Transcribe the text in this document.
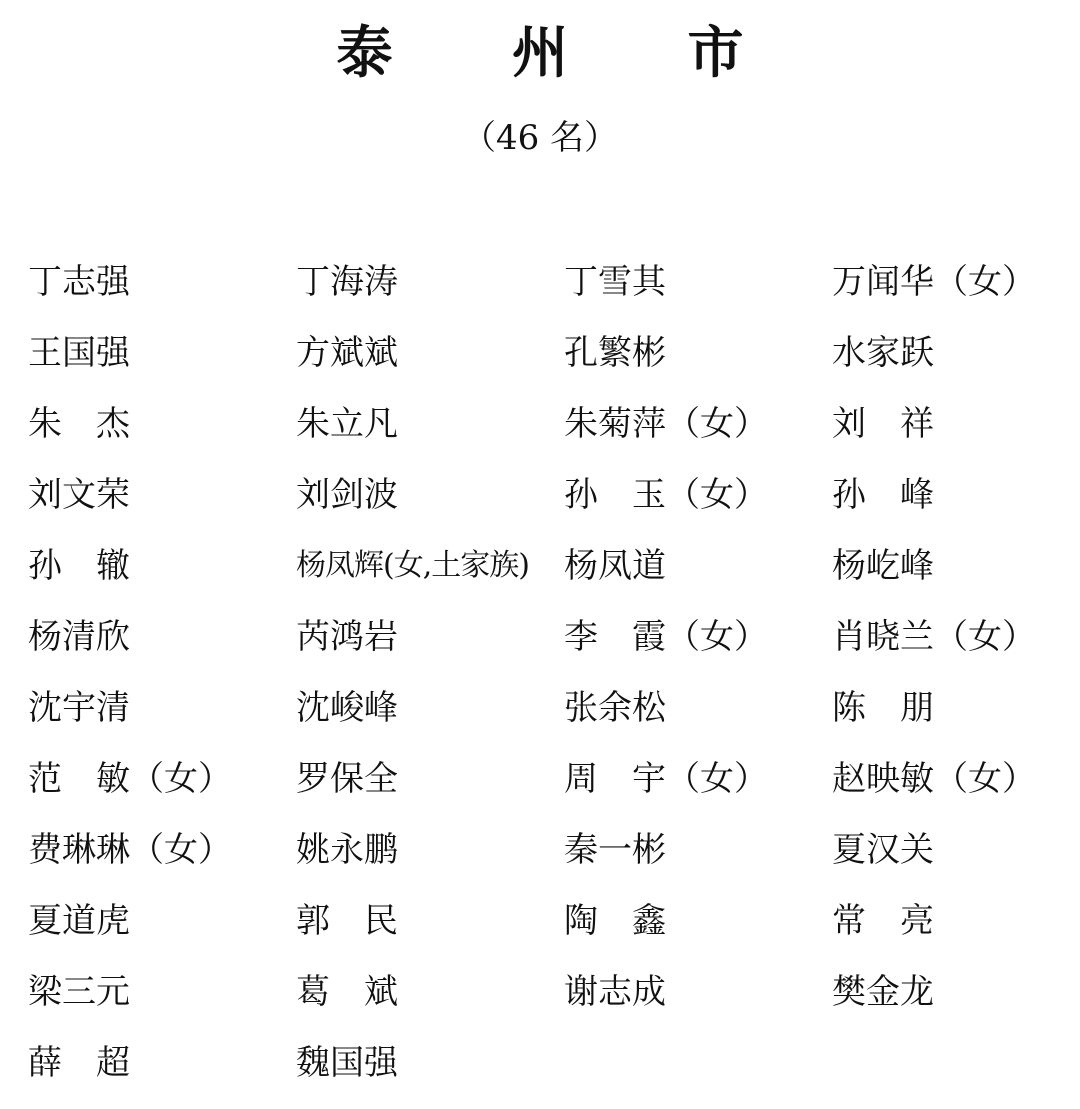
泰 州 市
（46 名）
丁志强	丁海涛	丁雪其	万闻华（女）
王国强	方斌斌	孔繁彬	水家跃
朱　杰	朱立凡	朱菊萍（女）	刘　祥
刘文荣	刘剑波	孙　玉（女）	孙　峰
孙　辙	杨凤辉(女,土家族)	杨凤道	杨屹峰
杨清欣	芮鸿岩	李　霞（女）	肖晓兰（女）
沈宇清	沈峻峰	张余松	陈　朋
范　敏（女）	罗保全	周　宇（女）	赵映敏（女）
费琳琳（女）	姚永鹏	秦一彬	夏汉关
夏道虎	郭　民	陶　鑫	常　亮
梁三元	葛　斌	谢志成	樊金龙
薛　超	魏国强
